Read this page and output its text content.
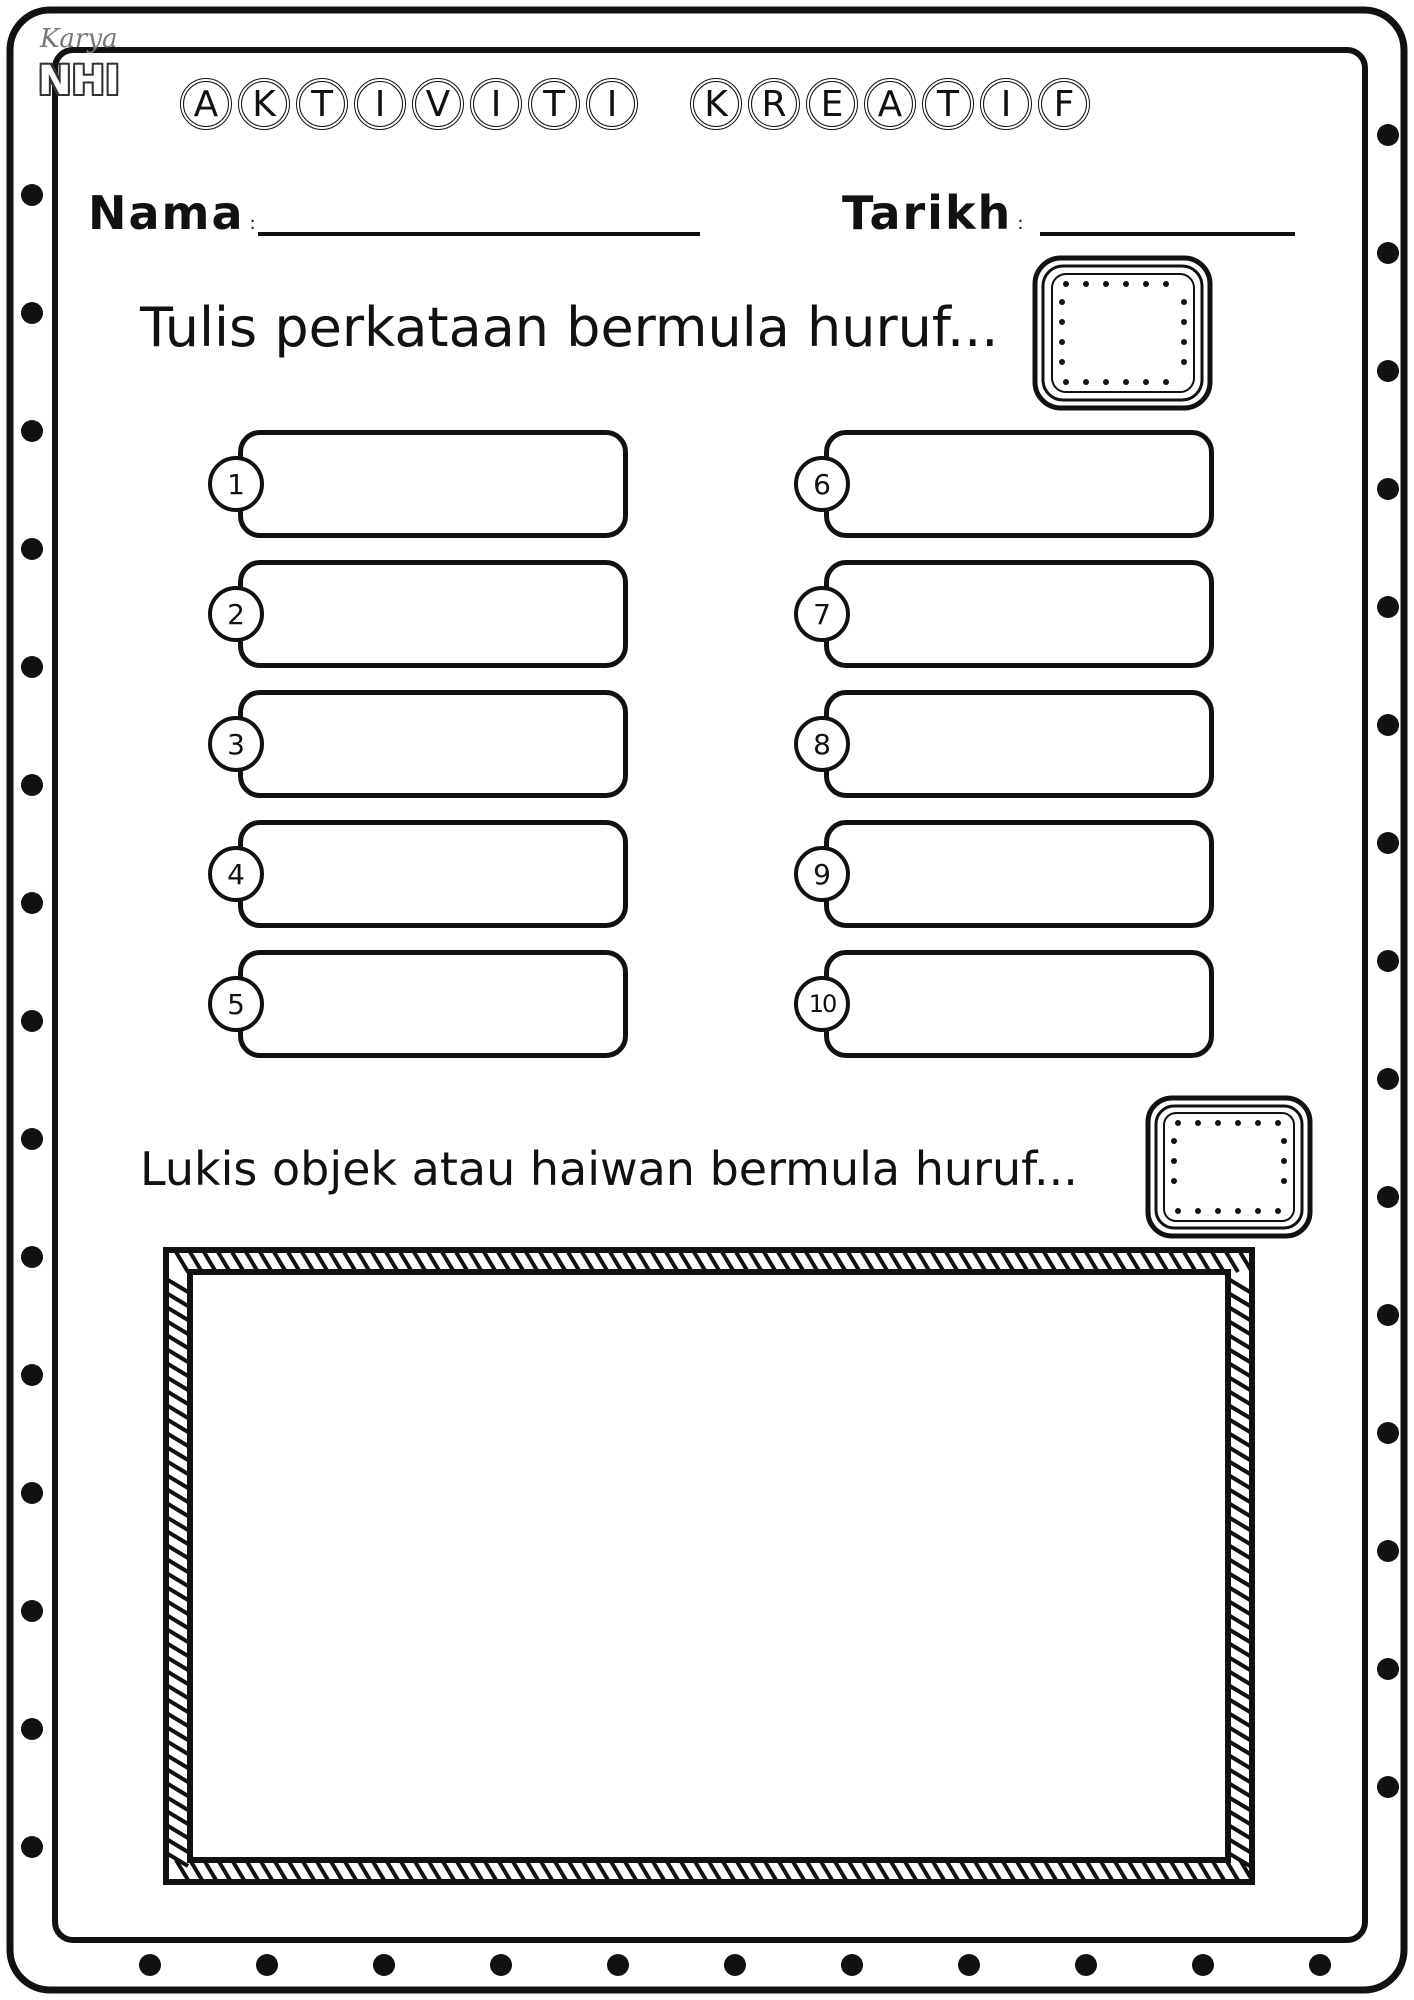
Karya
NHI	A K T	I	V	I	T	I	K R E A T	I	F
Nama :	Tarikh :
Tulis perkataan bermula huruf...
1
2
3
4
5
6
7
8
9
10
Lukis objek atau haiwan bermula huruf...
